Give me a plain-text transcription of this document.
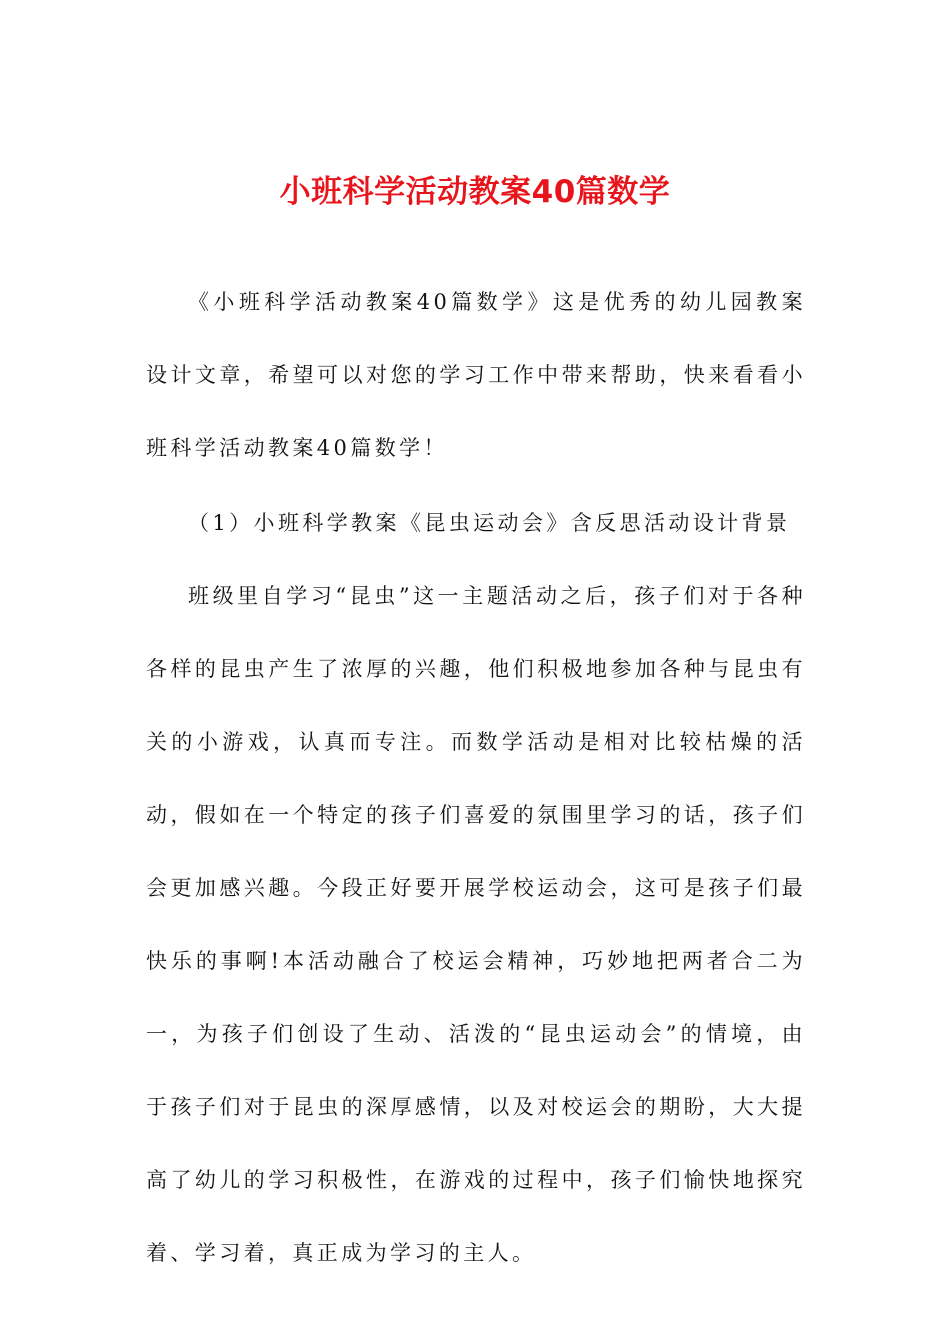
小班科学活动教案40篇数学

《小班科学活动教案40篇数学》这是优秀的幼儿园教案设计文章，希望可以对您的学习工作中带来帮助，快来看看小班科学活动教案40篇数学！

（1）小班科学教案《昆虫运动会》含反思活动设计背景

班级里自学习“昆虫”这一主题活动之后，孩子们对于各种各样的昆虫产生了浓厚的兴趣，他们积极地参加各种与昆虫有关的小游戏，认真而专注。而数学活动是相对比较枯燥的活动，假如在一个特定的孩子们喜爱的氛围里学习的话，孩子们会更加感兴趣。今段正好要开展学校运动会，这可是孩子们最快乐的事啊!本活动融合了校运会精神，巧妙地把两者合二为一，为孩子们创设了生动、活泼的“昆虫运动会”的情境，由于孩子们对于昆虫的深厚感情，以及对校运会的期盼，大大提高了幼儿的学习积极性，在游戏的过程中，孩子们愉快地探究着、学习着，真正成为学习的主人。
